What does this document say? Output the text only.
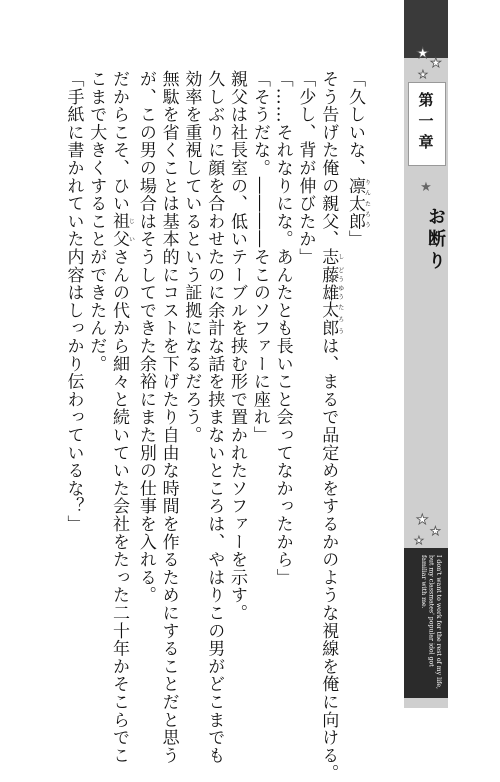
「久しいな、凛太郎りんたろう」
そう告げた俺の親父、志し藤雄どうゆう太郎たろうは、まるで品定めをするかのような視線を俺に向ける。
「少し、背が伸びたか」
「……それなりにな。あんたとも長いこと会ってなかったから」
「そうだな。――――そこのソファーに座れ」
親父は社長室の、低いテーブルを挟む形で置かれたソファーを示す。
久しぶりに顔を合わせたのに余計な話を挟まないところは、やはりこの男がどこまでも
効率を重視しているという証拠になるだろう。
無駄を省くことは基本的にコストを下げたり自由な時間を作るためにすることだと思う
が、この男の場合はそうしてできた余裕にまた別の仕事を入れる。
だからこそ、ひい祖父じいさんの代から細々と続いていた会社をたった二十年かそこらでこ
こまで大きくすることができたんだ。
「手紙に書かれていた内容はしっかり伝わっているな？」
★
★
★
第一章
★
お断り
★
★
★
I don't want to work for the rest of my life, but my classmates' popular idol got familiar with me.
